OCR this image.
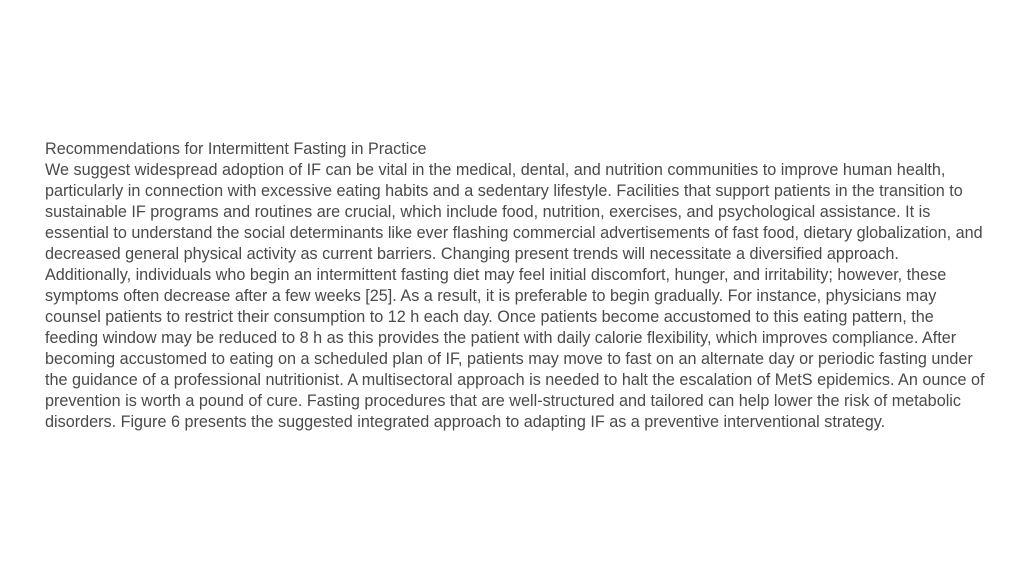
Recommendations for Intermittent Fasting in Practice

We suggest widespread adoption of IF can be vital in the medical, dental, and nutrition communities to improve human health, particularly in connection with excessive eating habits and a sedentary lifestyle. Facilities that support patients in the transition to sustainable IF programs and routines are crucial, which include food, nutrition, exercises, and psychological assistance. It is essential to understand the social determinants like ever flashing commercial advertisements of fast food, dietary globalization, and decreased general physical activity as current barriers. Changing present trends will necessitate a diversified approach. Additionally, individuals who begin an intermittent fasting diet may feel initial discomfort, hunger, and irritability; however, these symptoms often decrease after a few weeks [25]. As a result, it is preferable to begin gradually. For instance, physicians may counsel patients to restrict their consumption to 12 h each day. Once patients become accustomed to this eating pattern, the feeding window may be reduced to 8 h as this provides the patient with daily calorie flexibility, which improves compliance. After becoming accustomed to eating on a scheduled plan of IF, patients may move to fast on an alternate day or periodic fasting under the guidance of a professional nutritionist. A multisectoral approach is needed to halt the escalation of MetS epidemics. An ounce of prevention is worth a pound of cure. Fasting procedures that are well-structured and tailored can help lower the risk of metabolic disorders. Figure 6 presents the suggested integrated approach to adapting IF as a preventive interventional strategy.
